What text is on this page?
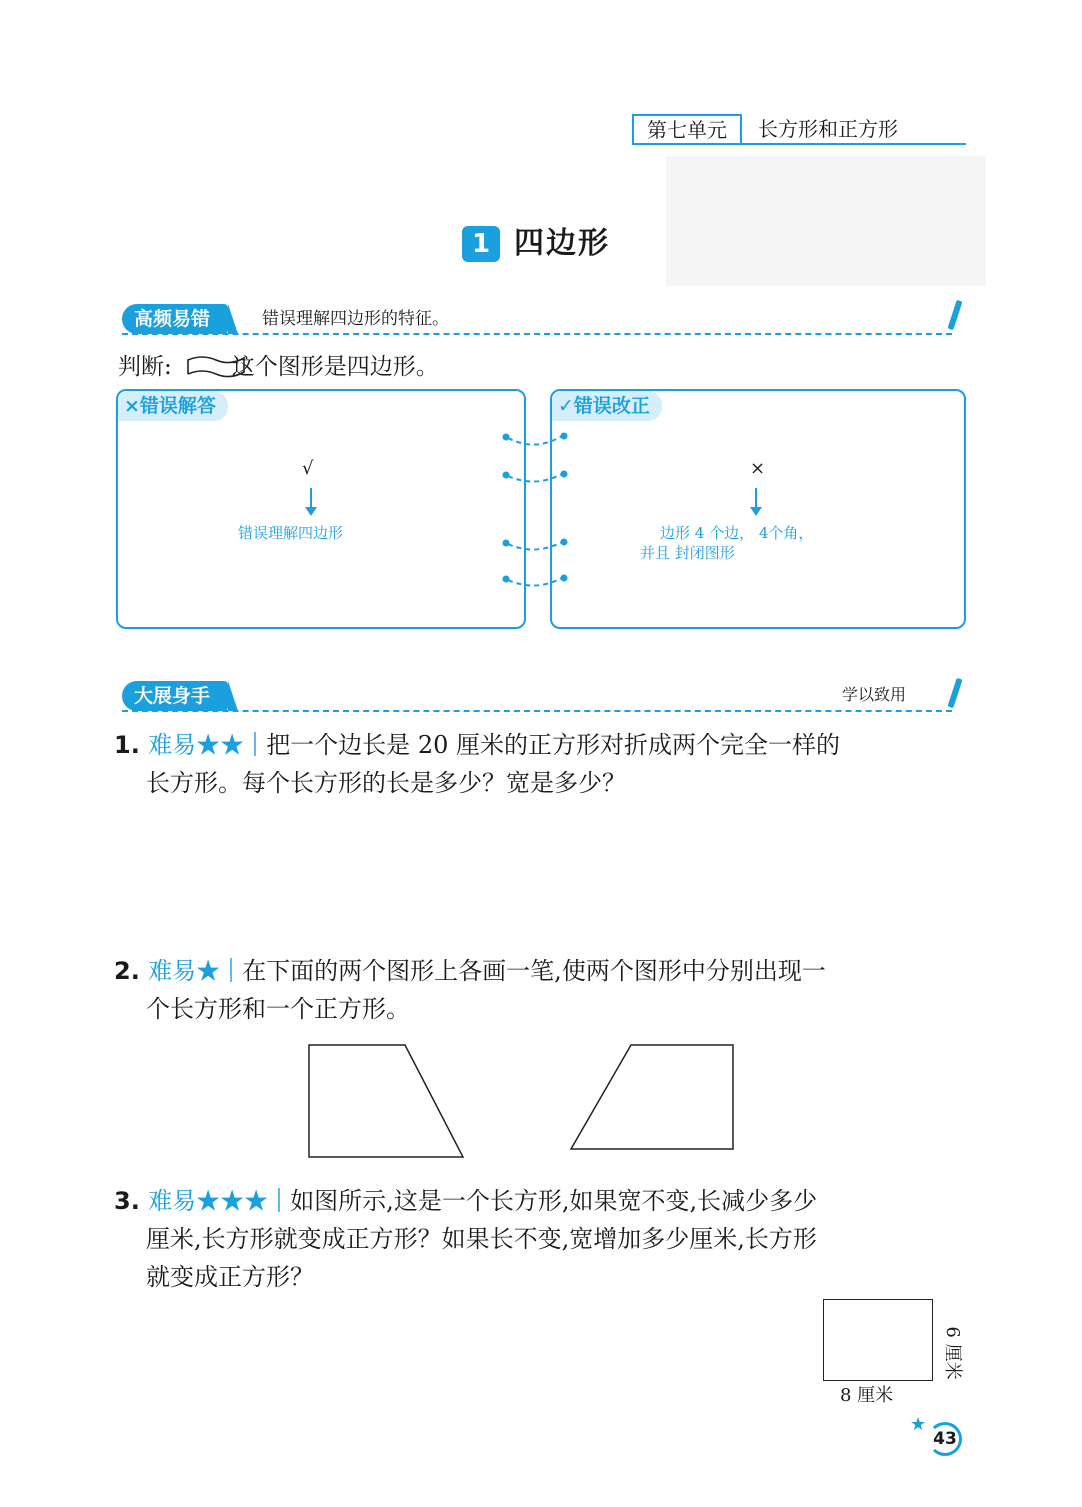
第七单元	长方形和正方形
1 四边形
高频易错	错误理解四边形的特征。
判断:	这个图形是四边形。
×错误解答	✓错误改正
√
错误理解四边形
×
边形 4 个边， 4个角，
并且 封闭图形
大展身手	学以致用
1. 难易★★ 把一个边长是 20 厘米的正方形对折成两个完全一样的
长方形。每个长方形的长是多少？宽是多少？
2. 难易★ 在下面的两个图形上各画一笔,使两个图形中分别出现一
个长方形和一个正方形。
3. 难易★★★ 如图所示,这是一个长方形,如果宽不变,长减少多少
厘米,长方形就变成正方形？如果长不变,宽增加多少厘米,长方形
就变成正方形？
8 厘米
6 厘米
★
43
